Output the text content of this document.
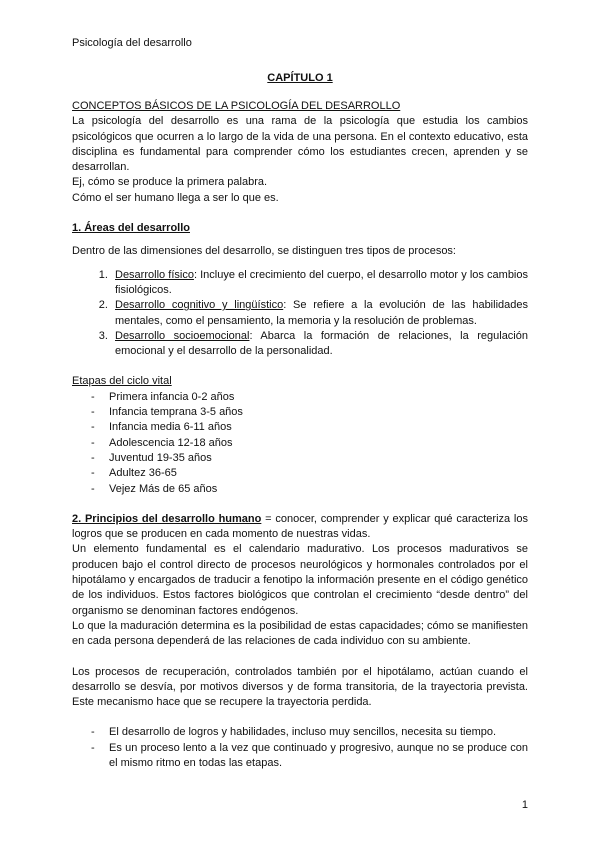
Psicología del desarrollo
CAPÍTULO 1

CONCEPTOS BÁSICOS DE LA PSICOLOGÍA DEL DESARROLLO

La psicología del desarrollo es una rama de la psicología que estudia los cambios psicológicos que ocurren a lo largo de la vida de una persona. En el contexto educativo, esta disciplina es fundamental para comprender cómo los estudiantes crecen, aprenden y se desarrollan.

Ej, cómo se produce la primera palabra.

Cómo el ser humano llega a ser lo que es.

1. Áreas del desarrollo

Dentro de las dimensiones del desarrollo, se distinguen tres tipos de procesos:

1. Desarrollo físico: Incluye el crecimiento del cuerpo, el desarrollo motor y los cambios fisiológicos.
2. Desarrollo cognitivo y lingüístico: Se refiere a la evolución de las habilidades mentales, como el pensamiento, la memoria y la resolución de problemas.
3. Desarrollo socioemocional: Abarca la formación de relaciones, la regulación emocional y el desarrollo de la personalidad.

Etapas del ciclo vital

- Primera infancia 0-2 años
- Infancia temprana 3-5 años
- Infancia media 6-11 años
- Adolescencia 12-18 años
- Juventud 19-35 años
- Adultez 36-65
- Vejez Más de 65 años

2. Principios del desarrollo humano = conocer, comprender y explicar qué caracteriza los logros que se producen en cada momento de nuestras vidas.

Un elemento fundamental es el calendario madurativo. Los procesos madurativos se producen bajo el control directo de procesos neurológicos y hormonales controlados por el hipotálamo y encargados de traducir a fenotipo la información presente en el código genético de los individuos. Estos factores biológicos que controlan el crecimiento “desde dentro” del organismo se denominan factores endógenos.

Lo que la maduración determina es la posibilidad de estas capacidades; cómo se manifiesten en cada persona dependerá de las relaciones de cada individuo con su ambiente.

Los procesos de recuperación, controlados también por el hipotálamo, actúan cuando el desarrollo se desvía, por motivos diversos y de forma transitoria, de la trayectoria prevista. Este mecanismo hace que se recupere la trayectoria perdida.

- El desarrollo de logros y habilidades, incluso muy sencillos, necesita su tiempo.
- Es un proceso lento a la vez que continuado y progresivo, aunque no se produce con el mismo ritmo en todas las etapas.
1
